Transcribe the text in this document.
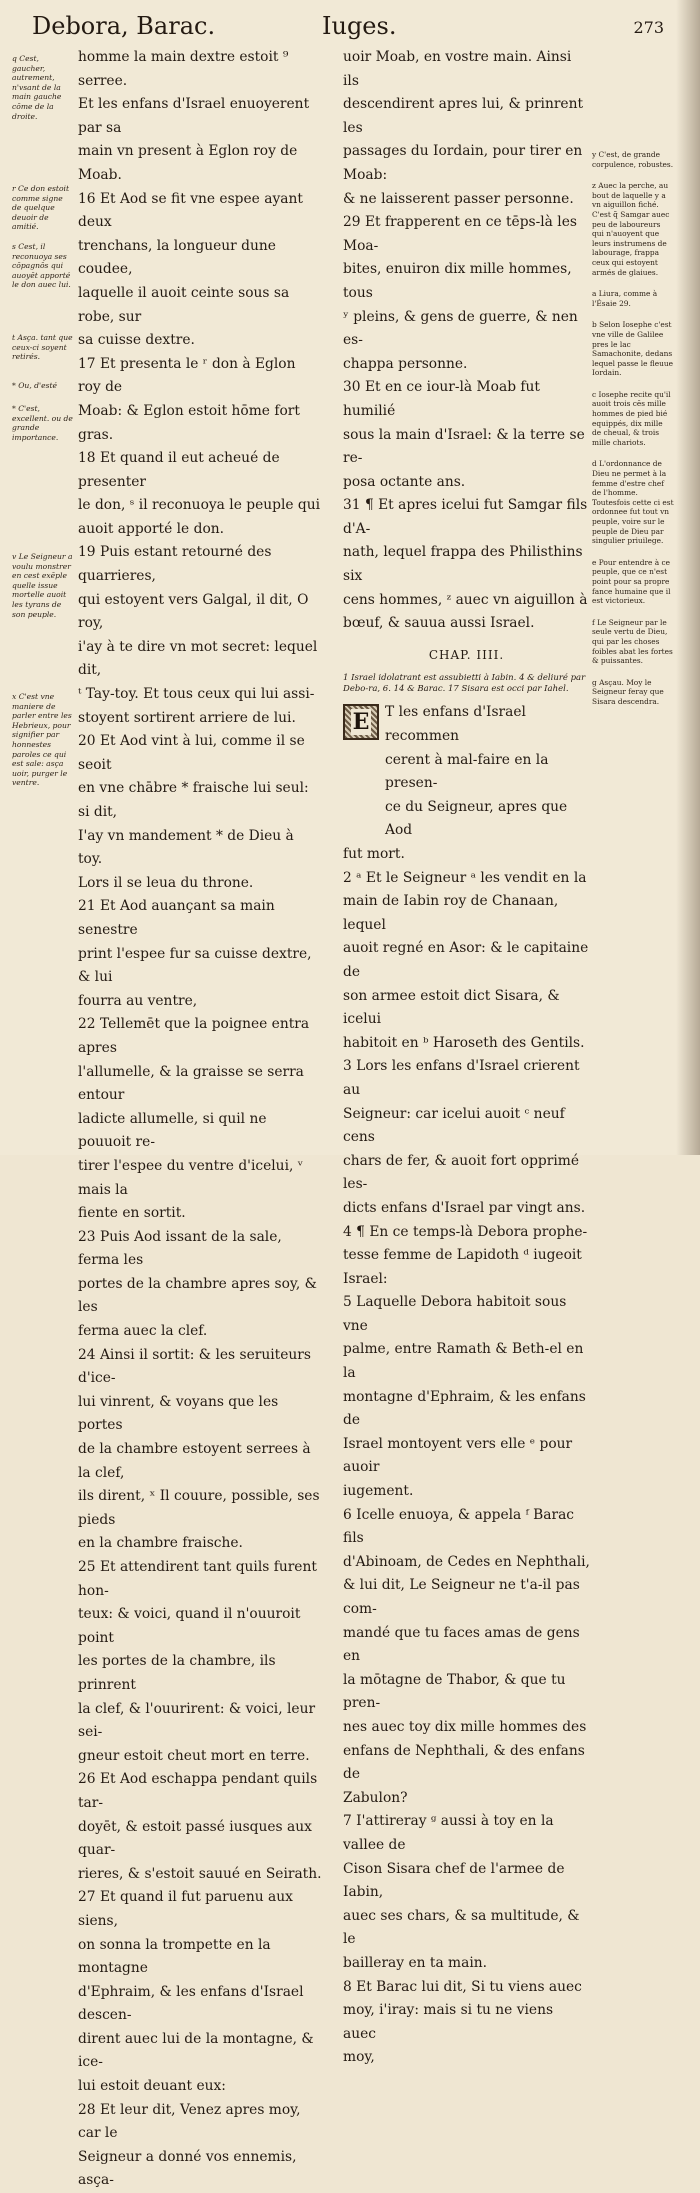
Debora, Barac.	Iuges.	273
q Cest, gaucher, autrement, n'vsant de la main gauche cōme de la droite.
r Ce don estoit comme signe de quelque deuoir de amitié.
s Cest, il reconuoya ses cōpagnōs qui auoyēt apporté le don auec lui.
t Asça. tant que ceux-ci soyent retirés.
* Ou, d'esté
* C'est, excellent. ou de grande importance.
v Le Seigneur a voulu monstrer en cest exēple quelle issue mortelle auoit les tyrans de son peuple.
x C'est vne maniere de parler entre les Hebrieux, pour signifier par honnestes paroles ce qui est sale: asça uoir, purger le ventre.

homme la main dextre estoit ⁹ serree.

Et les enfans d'Israel enuoyerent par sa

main vn present à Eglon roy de Moab.

16 Et Aod se fit vne espee ayant deux

trenchans, la longueur dune coudee,

laquelle il auoit ceinte sous sa robe, sur

sa cuisse dextre.

17 Et presenta le ʳ don à Eglon roy de

Moab: & Eglon estoit hōme fort gras.

18 Et quand il eut acheué de presenter

le don, ˢ il reconuoya le peuple qui

auoit apporté le don.

19 Puis estant retourné des quarrieres,

qui estoyent vers Galgal, il dit, O roy,

i'ay à te dire vn mot secret: lequel dit,

ᵗ Tay-toy. Et tous ceux qui lui assi-

stoyent sortirent arriere de lui.

20 Et Aod vint à lui, comme il se seoit

en vne chābre * fraische lui seul: si dit,

I'ay vn mandement * de Dieu à toy.

Lors il se leua du throne.

21 Et Aod auançant sa main senestre

print l'espee fur sa cuisse dextre, & lui

fourra au ventre,

22 Tellemēt que la poignee entra apres

l'allumelle, & la graisse se serra entour

ladicte allumelle, si quil ne pouuoit re-

tirer l'espee du ventre d'icelui, ᵛ mais la

fiente en sortit.

23 Puis Aod issant de la sale, ferma les

portes de la chambre apres soy, & les

ferma auec la clef.

24 Ainsi il sortit: & les seruiteurs d'ice-

lui vinrent, & voyans que les portes

de la chambre estoyent serrees à la clef,

ils dirent, ˣ Il couure, possible, ses pieds

en la chambre fraische.

25 Et attendirent tant quils furent hon-

teux: & voici, quand il n'ouuroit point

les portes de la chambre, ils prinrent

la clef, & l'ouurirent: & voici, leur sei-

gneur estoit cheut mort en terre.

26 Et Aod eschappa pendant quils tar-

doyēt, & estoit passé iusques aux quar-

rieres, & s'estoit sauué en Seirath.

27 Et quand il fut paruenu aux siens,

on sonna la trompette en la montagne

d'Ephraim, & les enfans d'Israel descen-

dirent auec lui de la montagne, & ice-

lui estoit deuant eux:

28 Et leur dit, Venez apres moy, car le

Seigneur a donné vos ennemis, asça-

uoir Moab, en vostre main. Ainsi ils

descendirent apres lui, & prinrent les

passages du Iordain, pour tirer en Moab:

& ne laisserent passer personne.

29 Et frapperent en ce tēps-là les Moa-

bites, enuiron dix mille hommes, tous

ʸ pleins, & gens de guerre, & nen es-

chappa personne.

30 Et en ce iour-là Moab fut humilié

sous la main d'Israel: & la terre se re-

posa octante ans.

31 ¶ Et apres icelui fut Samgar fils d'A-

nath, lequel frappa des Philisthins six

cens hommes, ᶻ auec vn aiguillon à

bœuf, & sauua aussi Israel.

CHAP. IIII.

1 Israel idolatrant est assubietti à Iabin. 4 & deliuré par Debo-ra, 6. 14 & Barac. 17 Sisara est occi par Iahel.

E T les enfans d'Israel recommen

cerent à mal-faire en la presen-

ce du Seigneur, apres que Aod

fut mort.

2 ᵃ Et le Seigneur ᵃ les vendit en la

main de Iabin roy de Chanaan, lequel

auoit regné en Asor: & le capitaine de

son armee estoit dict Sisara, & icelui

habitoit en ᵇ Haroseth des Gentils.

3 Lors les enfans d'Israel crierent au

Seigneur: car icelui auoit ᶜ neuf cens

chars de fer, & auoit fort opprimé les-

dicts enfans d'Israel par vingt ans.

4 ¶ En ce temps-là Debora prophe-

tesse femme de Lapidoth ᵈ iugeoit Israel:

5 Laquelle Debora habitoit sous vne

palme, entre Ramath & Beth-el en la

montagne d'Ephraim, & les enfans de

Israel montoyent vers elle ᵉ pour auoir

iugement.

6 Icelle enuoya, & appela ᶠ Barac fils

d'Abinoam, de Cedes en Nephthali,

& lui dit, Le Seigneur ne t'a-il pas com-

mandé que tu faces amas de gens en

la mōtagne de Thabor, & que tu pren-

nes auec toy dix mille hommes des

enfans de Nephthali, & des enfans de

Zabulon?

7 I'attireray ᵍ aussi à toy en la vallee de

Cison Sisara chef de l'armee de Iabin,

auec ses chars, & sa multitude, & le

bailleray en ta main.

8 Et Barac lui dit, Si tu viens auec

moy, i'iray: mais si tu ne viens auec

moy,

y C'est, de grande corpulence, robustes.

z Auec la perche, au bout de laquelle y a vn aiguillon fiché. C'est q̃ Samgar auec peu de laboureurs qui n'auoyent que leurs instrumens de labourage, frappa ceux qui estoyent armés de glaiues.

a Liura, comme à l'Ésaie 29.

b Selon Iosephe c'est vne ville de Galilee pres le lac Samachonite, dedans lequel passe le fleuue Iordain.

c Iosephe recite qu'il auoit trois cēs mille hommes de pied bié equippés, dix mille de cheual, & trois mille chariots.

d L'ordonnance de Dieu ne permet à la femme d'estre chef de l'homme. Toutesfois cette ci est ordonnee fut tout vn peuple, voire sur le peuple de Dieu par singulier priuilege.

e Pour entendre à ce peuple, que ce n'est point pour sa propre fance humaine que il est victorieux.

f Le Seigneur par le seule vertu de Dieu, qui par les choses foibles abat les fortes & puissantes.

g Asçau. Moy le Seigneur feray que Sisara descendra.
